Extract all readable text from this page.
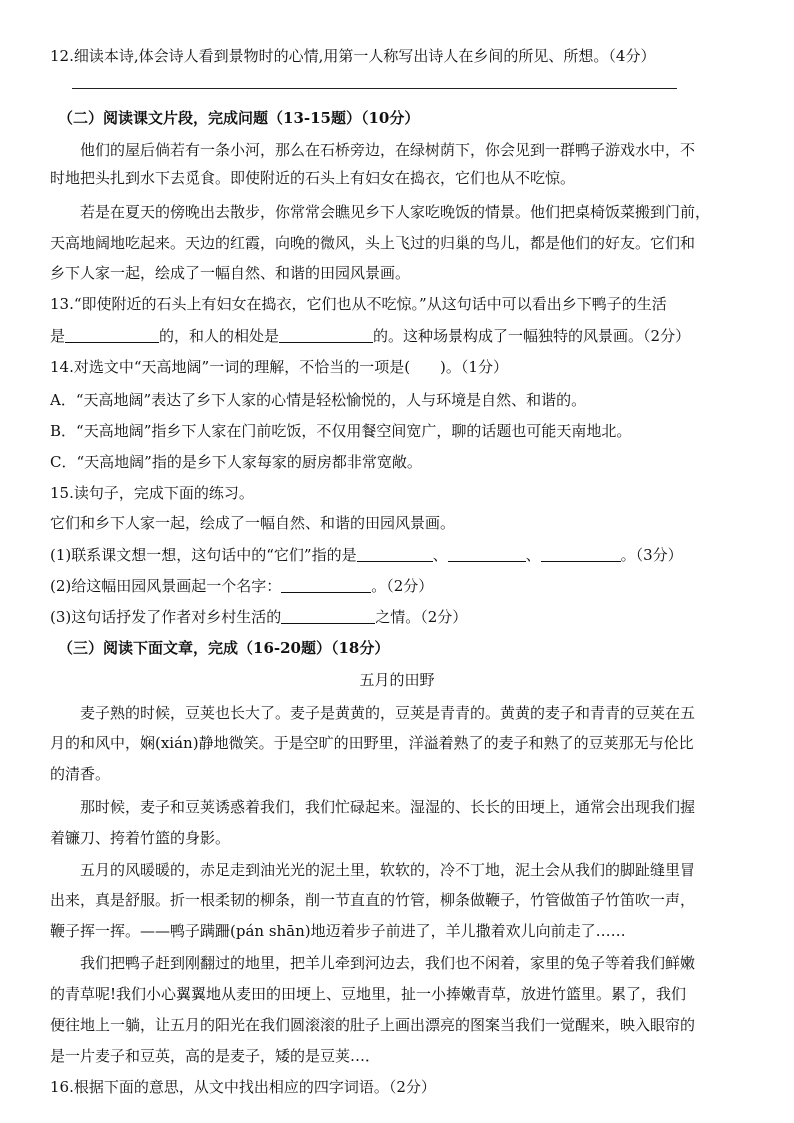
12.细读本诗,体会诗人看到景物时的心情,用第一人称写出诗人在乡间的所见、所想。（4分）
（二）阅读课文片段，完成问题（13-15题）（10分）
他们的屋后倘若有一条小河，那么在石桥旁边，在绿树荫下，你会见到一群鸭子游戏水中，不
时地把头扎到水下去觅食。即使附近的石头上有妇女在捣衣，它们也从不吃惊。
若是在夏天的傍晚出去散步，你常常会瞧见乡下人家吃晚饭的情景。他们把桌椅饭菜搬到门前，
天高地阔地吃起来。天边的红霞，向晚的微风，头上飞过的归巢的鸟儿，都是他们的好友。它们和
乡下人家一起，绘成了一幅自然、和谐的田园风景画。
13.“即使附近的石头上有妇女在捣衣，它们也从不吃惊。”从这句话中可以看出乡下鸭子的生活
是	的，和人的相处是	的。这种场景构成了一幅独特的风景画。（2分）
14.对选文中“天高地阔”一词的理解，不恰当的一项是(　　)。（1分）
A．“天高地阔”表达了乡下人家的心情是轻松愉悦的，人与环境是自然、和谐的。
B．“天高地阔”指乡下人家在门前吃饭，不仅用餐空间宽广，聊的话题也可能天南地北。
C．“天高地阔”指的是乡下人家每家的厨房都非常宽敞。
15.读句子，完成下面的练习。
它们和乡下人家一起，绘成了一幅自然、和谐的田园风景画。
(1)联系课文想一想，这句话中的“它们”指的是	、	、	。（3分）
(2)给这幅田园风景画起一个名字：	。（2分）
(3)这句话抒发了作者对乡村生活的	之情。（2分）
（三）阅读下面文章，完成（16-20题）（18分）
五月的田野
麦子熟的时候，豆荚也长大了。麦子是黄黄的，豆荚是青青的。黄黄的麦子和青青的豆荚在五
月的和风中，娴(xián)静地微笑。于是空旷的田野里，洋溢着熟了的麦子和熟了的豆荚那无与伦比
的清香。
那时候，麦子和豆荚诱惑着我们，我们忙碌起来。湿湿的、长长的田埂上，通常会出现我们握
着镰刀、挎着竹篮的身影。
五月的风暖暖的，赤足走到油光光的泥土里，软软的，冷不丁地，泥土会从我们的脚趾缝里冒
出来，真是舒服。折一根柔韧的柳条，削一节直直的竹管，柳条做鞭子，竹管做笛子竹笛吹一声，
鞭子挥一挥。——鸭子蹒跚(pán shān)地迈着步子前进了，羊儿撒着欢儿向前走了……
我们把鸭子赶到刚翻过的地里，把羊儿牵到河边去，我们也不闲着，家里的兔子等着我们鲜嫩
的青草呢!我们小心翼翼地从麦田的田埂上、豆地里，扯一小捧嫩青草，放进竹篮里。累了，我们
便往地上一躺，让五月的阳光在我们圆滚滚的肚子上画出漂亮的图案当我们一觉醒来，映入眼帘的
是一片麦子和豆英，高的是麦子，矮的是豆荚…．
16.根据下面的意思，从文中找出相应的四字词语。（2分）
